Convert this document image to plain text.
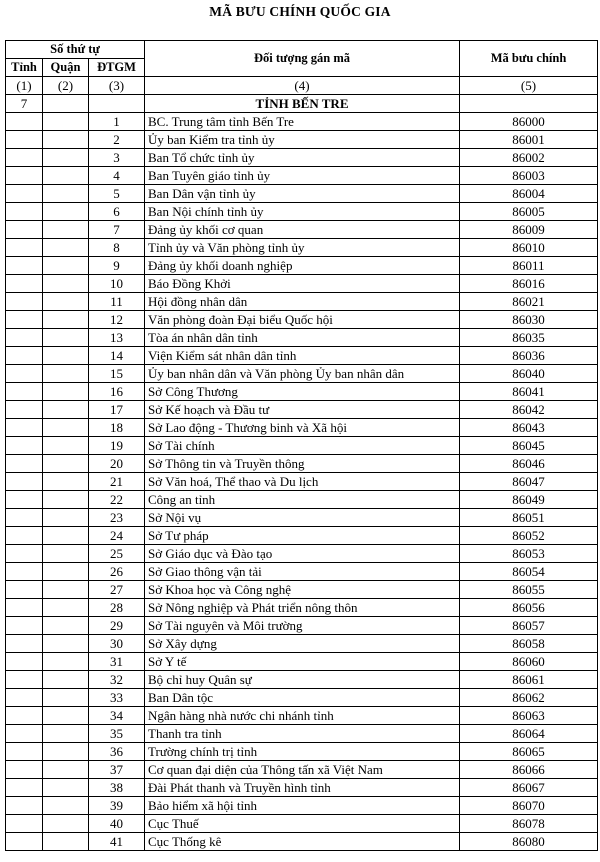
MÃ BƯU CHÍNH QUỐC GIA
Số thứ tự			Đối tượng gán mã	Mã bưu chính
Tỉnh	Quận	ĐTGM		
(1)	(2)	(3)	(4)	(5)
7			TỈNH BẾN TRE	
		1	BC. Trung tâm tỉnh Bến Tre	86000
		2	Ủy ban Kiểm tra tỉnh ủy	86001
		3	Ban Tổ chức tỉnh ủy	86002
		4	Ban Tuyên giáo tỉnh ủy	86003
		5	Ban Dân vận tỉnh ủy	86004
		6	Ban Nội chính tỉnh ủy	86005
		7	Đảng ủy khối cơ quan	86009
		8	Tỉnh ủy và Văn phòng tỉnh ủy	86010
		9	Đảng ủy khối doanh nghiệp	86011
		10	Báo Đồng Khởi	86016
		11	Hội đồng nhân dân	86021
		12	Văn phòng đoàn Đại biểu Quốc hội	86030
		13	Tòa án nhân dân tỉnh	86035
		14	Viện Kiểm sát nhân dân tỉnh	86036
		15	Ủy ban nhân dân và Văn phòng Ủy ban nhân dân	86040
		16	Sở Công Thương	86041
		17	Sở Kế hoạch và Đầu tư	86042
		18	Sở Lao động - Thương binh và Xã hội	86043
		19	Sở Tài chính	86045
		20	Sở Thông tin và Truyền thông	86046
		21	Sở Văn hoá, Thể thao và Du lịch	86047
		22	Công an tỉnh	86049
		23	Sở Nội vụ	86051
		24	Sở Tư pháp	86052
		25	Sở Giáo dục và Đào tạo	86053
		26	Sở Giao thông vận tải	86054
		27	Sở Khoa học và Công nghệ	86055
		28	Sở Nông nghiệp và Phát triển nông thôn	86056
		29	Sở Tài nguyên và Môi trường	86057
		30	Sở Xây dựng	86058
		31	Sở Y tế	86060
		32	Bộ chỉ huy Quân sự	86061
		33	Ban Dân tộc	86062
		34	Ngân hàng nhà nước chi nhánh tỉnh	86063
		35	Thanh tra tỉnh	86064
		36	Trường chính trị tỉnh	86065
		37	Cơ quan đại diện của Thông tấn xã Việt Nam	86066
		38	Đài Phát thanh và Truyền hình tỉnh	86067
		39	Bảo hiểm xã hội tỉnh	86070
		40	Cục Thuế	86078
		41	Cục Thống kê	86080
